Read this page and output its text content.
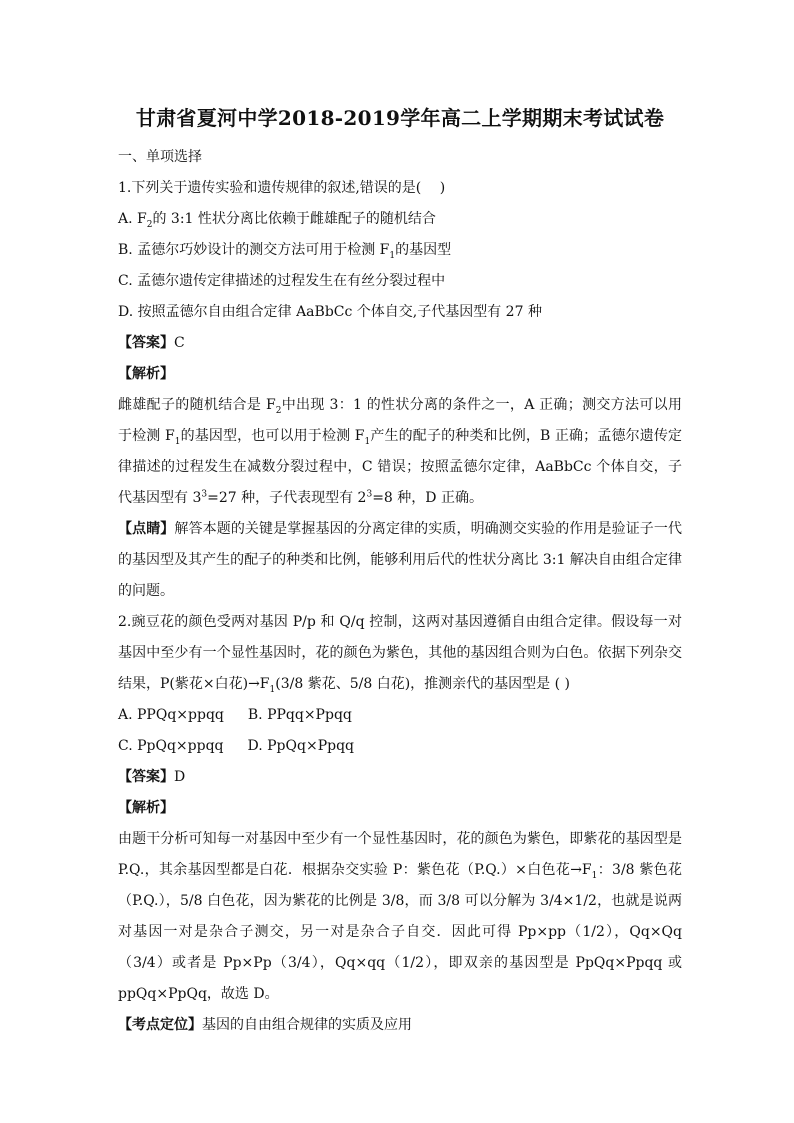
甘肃省夏河中学2018-2019学年高二上学期期末考试试卷

一、单项选择

1.下列关于遗传实验和遗传规律的叙述,错误的是(　 )

A. $F_2$的 3:1 性状分离比依赖于雌雄配子的随机结合

B. 孟德尔巧妙设计的测交方法可用于检测 $F_1$的基因型

C. 孟德尔遗传定律描述的过程发生在有丝分裂过程中

D. 按照孟德尔自由组合定律 AaBbCc 个体自交,子代基因型有 27 种

【答案】C

【解析】

雌雄配子的随机结合是 $F_2$中出现 3：1 的性状分离的条件之一，A 正确；测交方法可以用于检测 $F_1$的基因型，也可以用于检测 $F_1$产生的配子的种类和比例，B 正确；孟德尔遗传定律描述的过程发生在减数分裂过程中，C 错误；按照孟德尔定律，AaBbCc 个体自交，子代基因型有 $3^3=27$ 种，子代表现型有 $2^3=8$ 种，D 正确。

【点睛】解答本题的关键是掌握基因的分离定律的实质，明确测交实验的作用是验证子一代的基因型及其产生的配子的种类和比例，能够利用后代的性状分离比 3:1 解决自由组合定律的问题。

2.豌豆花的颜色受两对基因 P/p 和 Q/q 控制，这两对基因遵循自由组合定律。假设每一对基因中至少有一个显性基因时，花的颜色为紫色，其他的基因组合则为白色。依据下列杂交结果，P(紫花×白花)$\to F_1(3/8$ 紫花、5/8 白花)，推测亲代的基因型是 ( )

A. PPQq×ppqq B. PPqq×Ppqq

C. PpQq×ppqq D. PpQq×Ppqq

【答案】D

【解析】

由题干分析可知每一对基因中至少有一个显性基因时，花的颜色为紫色，即紫花的基因型是 P.Q.，其余基因型都是白花．根据杂交实验 P：紫色花（P.Q.）×白色花$\to F_1$：3/8 紫色花（P.Q.），5/8 白色花，因为紫花的比例是 3/8，而 3/8 可以分解为 3/4×1/2，也就是说两对基因一对是杂合子测交，另一对是杂合子自交．因此可得 Pp×pp（1/2），Qq×Qq（3/4）或者是 Pp×Pp（3/4），Qq×qq（1/2），即双亲的基因型是 PpQq×Ppqq 或 ppQq×PpQq，故选 D。

【考点定位】基因的自由组合规律的实质及应用
